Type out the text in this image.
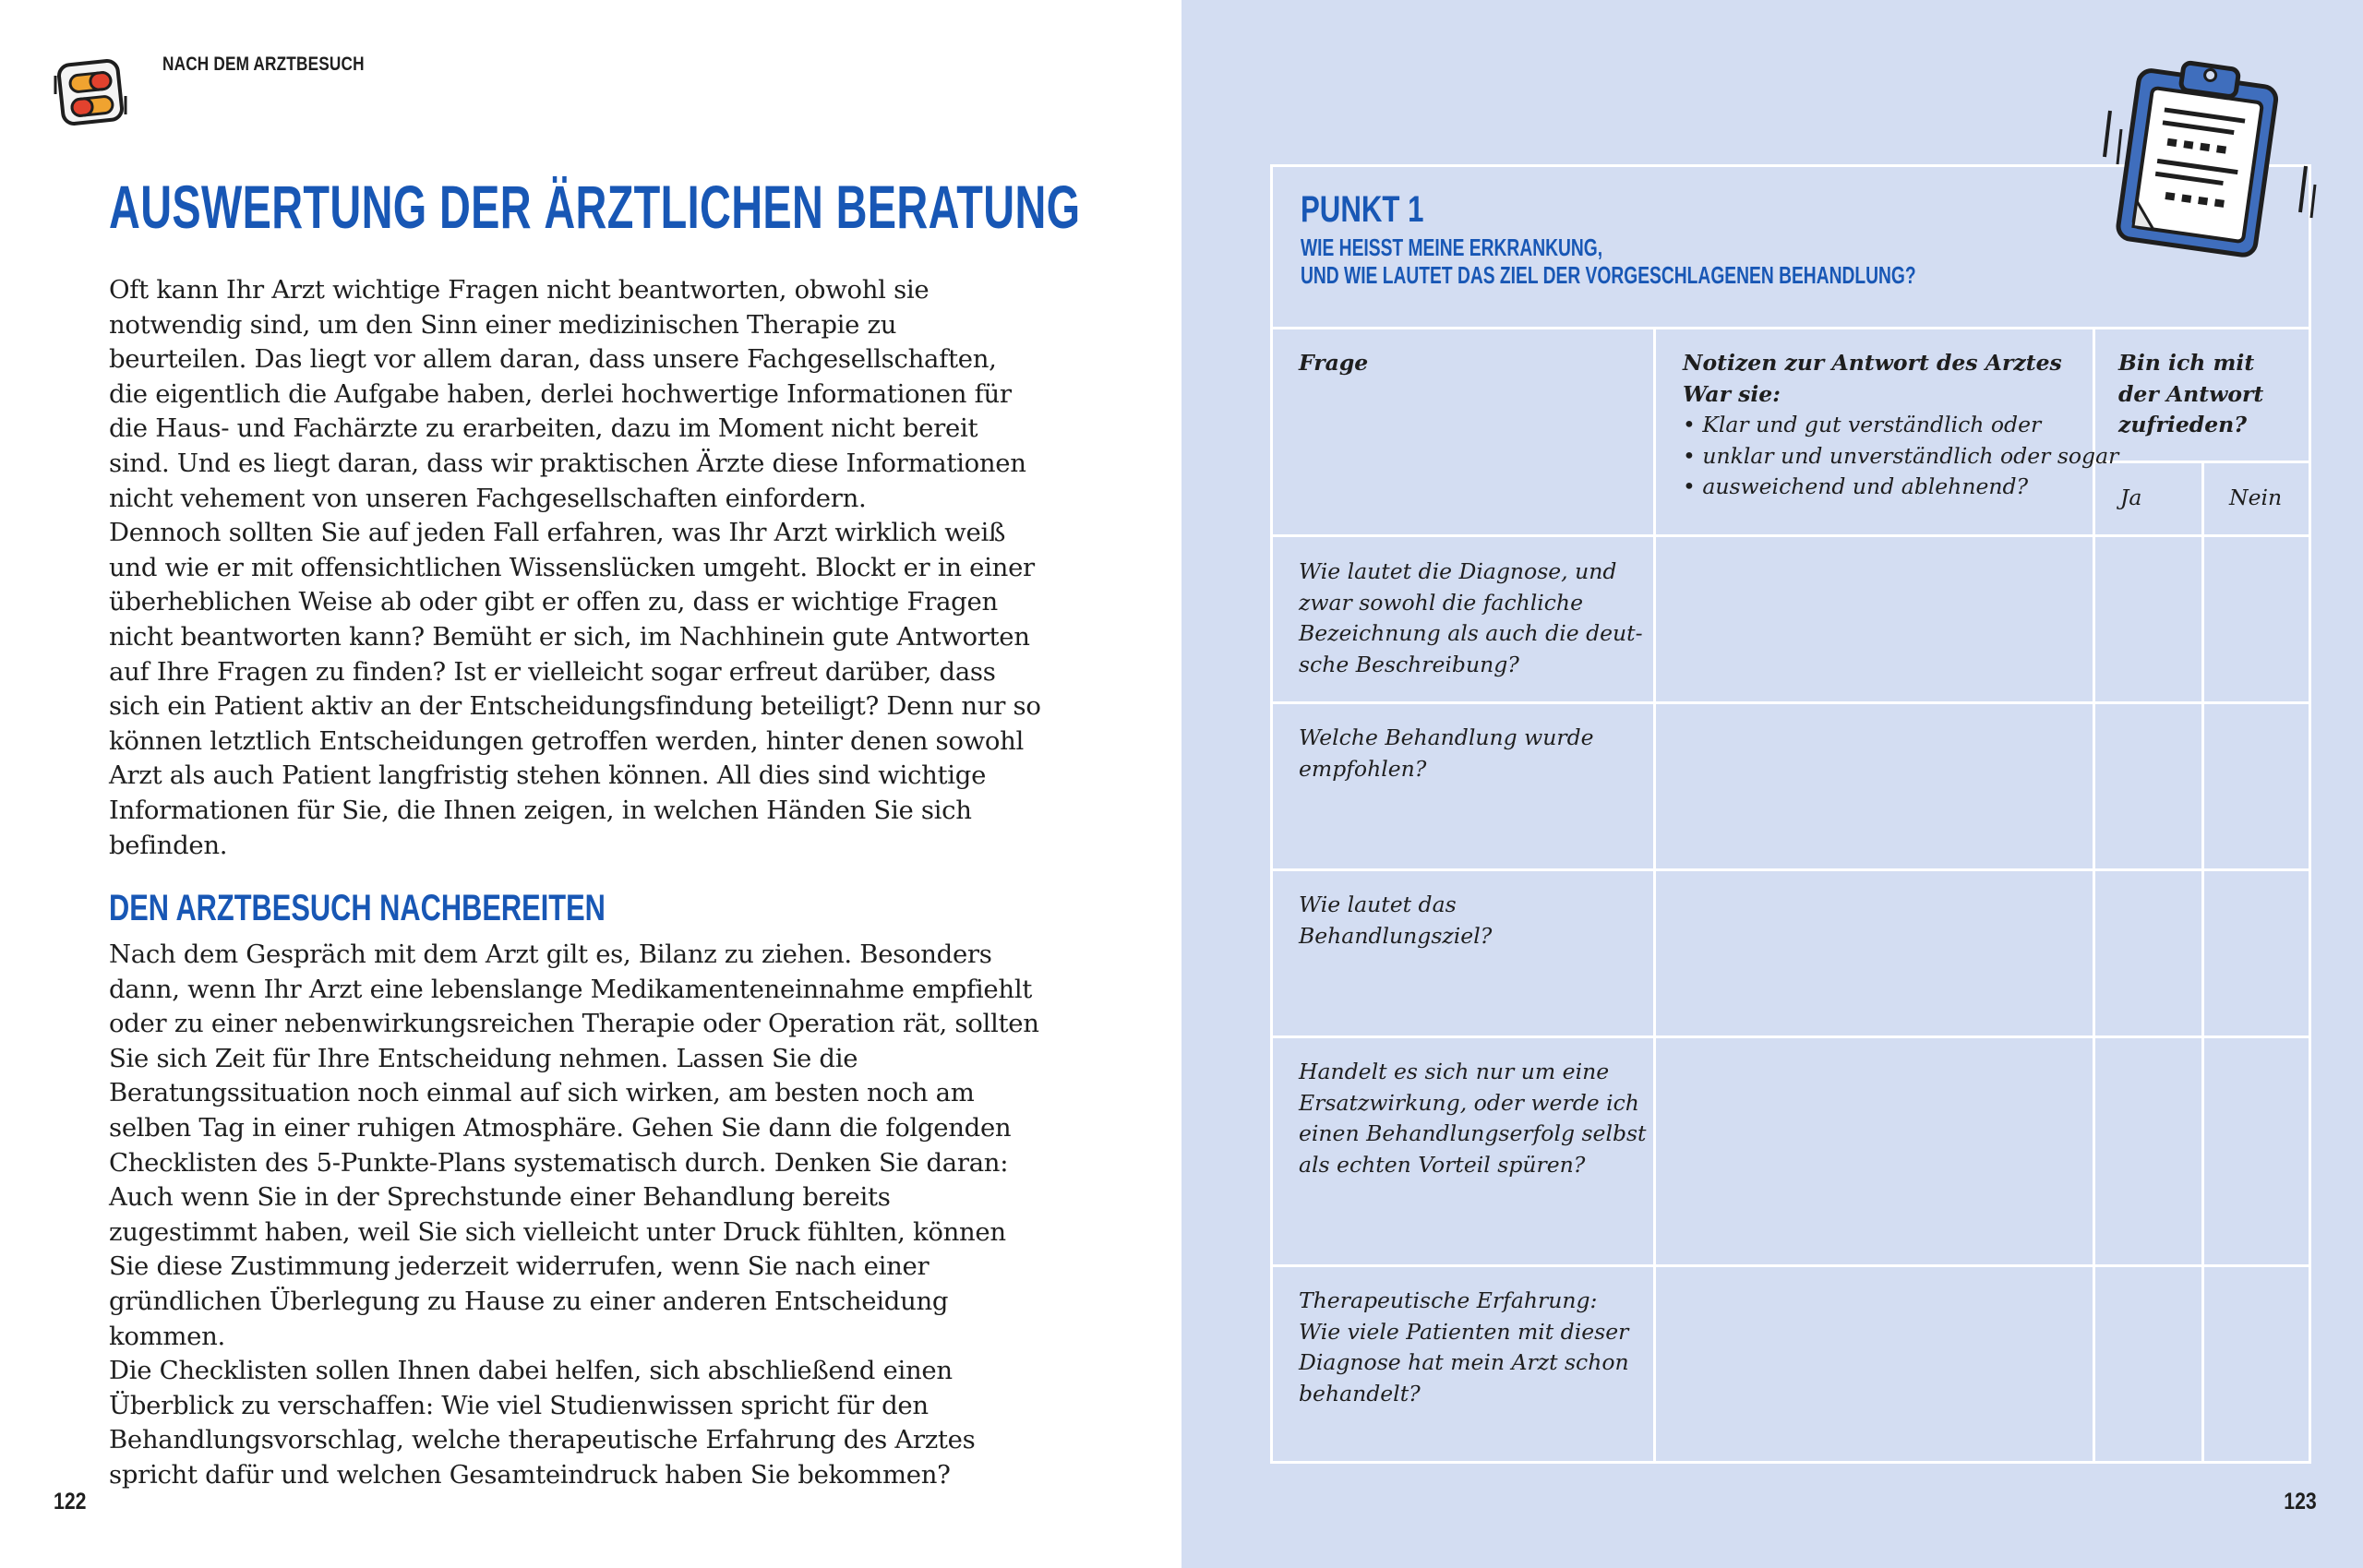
NACH DEM ARZTBESUCH
AUSWERTUNG DER ÄRZTLICHEN BERATUNG

Oft kann Ihr Arzt wichtige Fragen nicht beantworten, obwohl sie notwendig sind, um den Sinn einer medizinischen Therapie zu beurteilen. Das liegt vor allem daran, dass unsere Fachgesellschaften, die eigentlich die Aufgabe haben, derlei hochwertige Informationen für die Haus- und Fachärzte zu erarbeiten, dazu im Moment nicht bereit sind. Und es liegt daran, dass wir praktischen Ärzte diese Informationen nicht vehement von unseren Fachgesellschaften einfordern.

Dennoch sollten Sie auf jeden Fall erfahren, was Ihr Arzt wirklich weiß und wie er mit offensichtlichen Wissenslücken umgeht. Blockt er in einer überheblichen Weise ab oder gibt er offen zu, dass er wichtige Fragen nicht beantworten kann? Bemüht er sich, im Nachhinein gute Antworten auf Ihre Fragen zu finden? Ist er vielleicht sogar erfreut darüber, dass sich ein Patient aktiv an der Entscheidungsfindung beteiligt? Denn nur so können letztlich Entscheidungen getroffen werden, hinter denen sowohl Arzt als auch Patient langfristig stehen können. All dies sind wichtige Informationen für Sie, die Ihnen zeigen, in welchen Händen Sie sich befinden.

DEN ARZTBESUCH NACHBEREITEN

Nach dem Gespräch mit dem Arzt gilt es, Bilanz zu ziehen. Besonders dann, wenn Ihr Arzt eine lebenslange Medikamenteneinnahme empfiehlt oder zu einer nebenwirkungsreichen Therapie oder Operation rät, sollten Sie sich Zeit für Ihre Entscheidung nehmen. Lassen Sie die Beratungssituation noch einmal auf sich wirken, am besten noch am selben Tag in einer ruhigen Atmosphäre. Gehen Sie dann die folgenden Checklisten des 5-Punkte-Plans systematisch durch. Denken Sie daran: Auch wenn Sie in der Sprechstunde einer Behandlung bereits zugestimmt haben, weil Sie sich vielleicht unter Druck fühlten, können Sie diese Zustimmung jederzeit widerrufen, wenn Sie nach einer gründlichen Überlegung zu Hause zu einer anderen Entscheidung kommen.

Die Checklisten sollen Ihnen dabei helfen, sich abschließend einen Überblick zu verschaffen: Wie viel Studienwissen spricht für den Behandlungsvorschlag, welche therapeutische Erfahrung des Arztes spricht dafür und welchen Gesamteindruck haben Sie bekommen?

122	123
PUNKT 1
WIE HEISST MEINE ERKRANKUNG,
UND WIE LAUTET DAS ZIEL DER VORGESCHLAGENEN BEHANDLUNG?
Frage	Notizen zur Antwort des Arztes
War sie:
• Klar und gut verständlich oder
• unklar und unverständlich oder sogar
• ausweichend und ablehnend?
Bin ich mit
der Antwort
zufrieden?
Ja	Nein
Wie lautet die Diagnose, und
zwar sowohl die fachliche
Bezeichnung als auch die deut-
sche Beschreibung?
Welche Behandlung wurde
empfohlen?
Wie lautet das
Behandlungsziel?
Handelt es sich nur um eine
Ersatzwirkung, oder werde ich
einen Behandlungserfolg selbst
als echten Vorteil spüren?
Therapeutische Erfahrung:
Wie viele Patienten mit dieser
Diagnose hat mein Arzt schon
behandelt?
